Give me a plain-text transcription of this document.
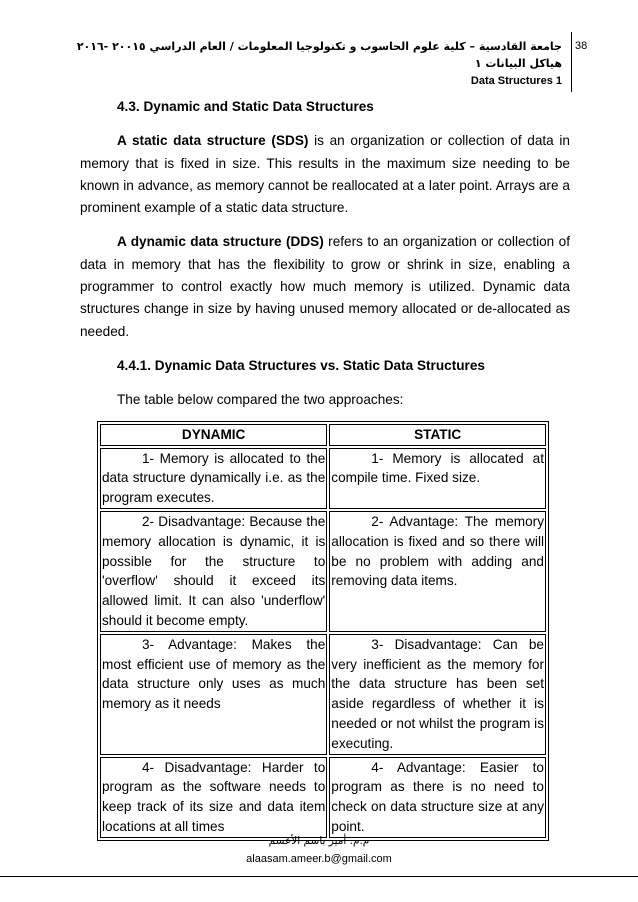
38
جامعة القادسية – كلية علوم الحاسوب و تكنولوجيا المعلومات / العام الدراسي ٢٠٠١٥ -٢٠١٦
هياكل البيانات ١
Data Structures 1

4.3. Dynamic and Static Data Structures

A static data structure (SDS) is an organization or collection of data in memory that is fixed in size. This results in the maximum size needing to be known in advance, as memory cannot be reallocated at a later point. Arrays are a prominent example of a static data structure.

A dynamic data structure (DDS) refers to an organization or collection of data in memory that has the flexibility to grow or shrink in size, enabling a programmer to control exactly how much memory is utilized. Dynamic data structures change in size by having unused memory allocated or de-allocated as needed.

4.4.1. Dynamic Data Structures vs. Static Data Structures

The table below compared the two approaches:

DYNAMIC	STATIC
1- Memory is allocated to the data structure dynamically i.e. as the program executes.	1- Memory is allocated at compile time. Fixed size.
2- Disadvantage: Because the memory allocation is dynamic, it is possible for the structure to 'overflow' should it exceed its allowed limit. It can also 'underflow' should it become empty.	2- Advantage: The memory allocation is fixed and so there will be no problem with adding and removing data items.
3- Advantage: Makes the most efficient use of memory as the data structure only uses as much memory as it needs	3- Disadvantage: Can be very inefficient as the memory for the data structure has been set aside regardless of whether it is needed or not whilst the program is executing.
4- Disadvantage: Harder to program as the software needs to keep track of its size and data item locations at all times	4- Advantage: Easier to program as there is no need to check on data structure size at any point.
م.م. أمير باسم الأعسم
alaasam.ameer.b@gmail.com
